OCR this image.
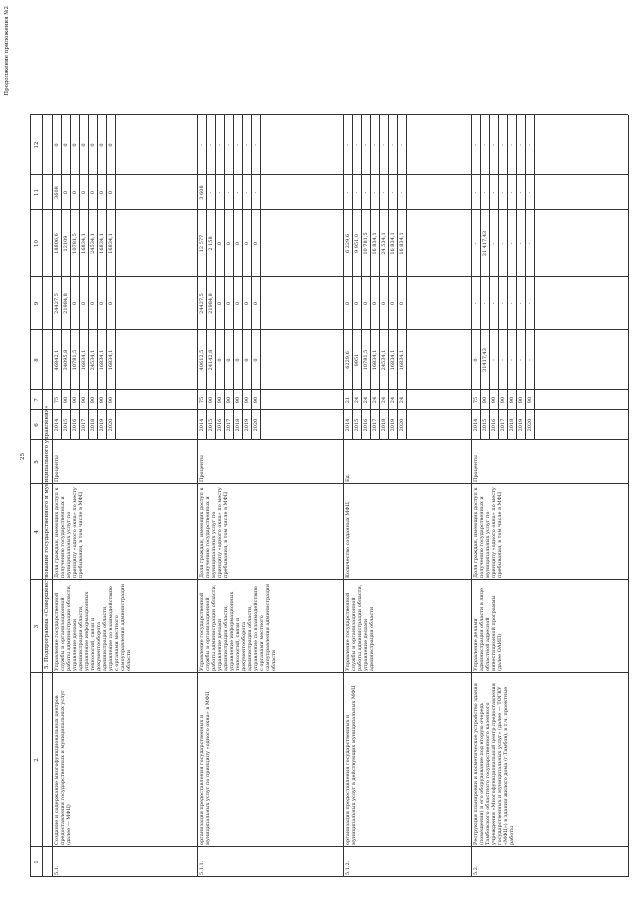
Продолжение приложения №2
25
1
2
3
4
5
6
7
8
9
10
11
12
5. Подпрограмма «Совершенствование государственного и муниципального управления»
5.1.
Создание и содержание многофункциональных центров предоставления государственных и муниципальных услуг (далее — МФЦ)
Управление государственной службы и организационной работы администрации области, управление делами администрации области, управление информационных технологий, связи и документооборота администрации области, управление по взаимодействию с органами местного самоуправления администрации области
Доля граждан, имеющих доступ к получению государственных и муниципальных услуг по принципу «одного окна» по месту пребывания, в том числе в МФЦ
Проценты
2014
75
46842,1
24427,5
18806,6
3608
0
2015
90
34095,8
21984,8
12109
0
0
2016
90
10781,5
0
10781,5
0
0
2017
90
16834,1
0
16834,1
0
0
2018
90
24534,1
0
24534,1
0
0
2019
90
16834,1
0
16834,1
0
0
2020
90
16834,1
0
16834,1
0
0
5.1.1.
организация предоставления государственных и муниципальных услуг по принципу «одного окна» в МФЦ
Управление государственной службы и организационной работы администрации области, управление делами администрации области, управление информационных технологий, связи и документооборота администрации области, управление по взаимодействию с органами местного самоуправления администрации области
Доля граждан, имеющих доступ к получению государственных и муниципальных услуг по принципу «одного окна» по месту пребывания, в том числе в МФЦ
Проценты
2014
75
40612,5
24427,5
12 577
3 608
-
2015
90
24142,8
21984,8
2 158
-
-
2016
90
0
0
0
-
-
2017
90
0
0
0
-
-
2018
90
0
0
0
-
-
2019
90
0
0
0
-
-
2020
90
0
0
0
-
-
5.1.2.
организация предоставления государственных и муниципальных услуг в действующих муниципальных МФЦ
Управление государственной службы и организационной работы администрации области, управление делами администрации области
Количество созданных МФЦ
Ед.
2014
21
6229,6
0
6 229,6
-
-
2015
24
9951
0
9 951,0
-
-
2016
24
10781,5
0
10 781,5
-
-
2017
24
16834,1
0
16 834,1
-
-
2018
24
24534,1
0
24 534,1
-
-
2019
24
16834,1
0
16 834,1
-
-
2020
24
16834,1
0
16 834,1
-
-
5.2.
Реструкция планировки и косметическое устройство здания (помещения) и его оборудование под вторую очередь Тамбовского областного государственного казенного учреждения «Многофункциональный центр предоставления государственных и муниципальных услуг» (далее — ТОГКУ «МФЦ») в здании жилого дома (г.Тамбов), в т.ч. проектные работы
Управление делами администрации области в лице областной адресной инвестиционной программы (далее ОАИП)
Доля граждан, имеющих доступ к получению государственных и муниципальных услуг по принципу «одного окна» по месту пребывания, в том числе в МФЦ
Проценты
2014
75
0
-
-
-
-
2015
90
31417,43
-
31 417,43
-
-
2016
90
-
-
-
-
-
2017
90
-
-
-
-
-
2018
90
-
-
-
-
-
2019
90
-
-
-
-
-
2020
90
-
-
-
-
-
